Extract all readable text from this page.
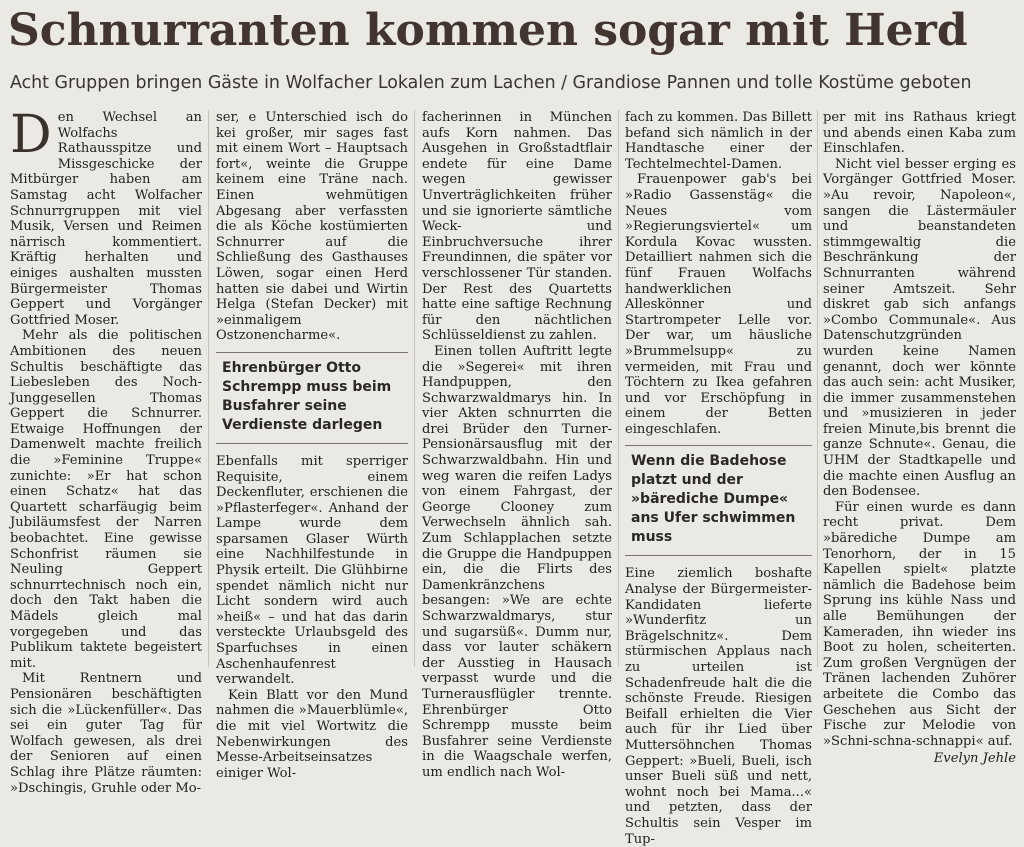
Schnurranten kommen sogar mit Herd
Acht Gruppen bringen Gäste in Wolfacher Lokalen zum Lachen / Grandiose Pannen und tolle Kostüme geboten

Den Wechsel an Wolfachs Rathausspitze und Missgeschicke der Mitbürger haben am Samstag acht Wolfacher Schnurrgruppen mit viel Musik, Versen und Reimen närrisch kommentiert. Kräftig herhalten und einiges aushalten mussten Bürgermeister Thomas Geppert und Vorgänger Gottfried Moser.

Mehr als die politischen Ambitionen des neuen Schultis beschäftigte das Liebesleben des Noch-Junggesellen Thomas Geppert die Schnurrer. Etwaige Hoffnungen der Damenwelt machte freilich die »Feminine Truppe« zunichte: »Er hat schon einen Schatz« hat das Quartett scharfäugig beim Jubiläumsfest der Narren beobachtet. Eine gewisse Schonfrist räumen sie Neuling Geppert schnurrtechnisch noch ein, doch den Takt haben die Mädels gleich mal vorgegeben und das Publikum taktete begeistert mit.

Mit Rentnern und Pensionären beschäftigten sich die »Lückenfüller«. Das sei ein guter Tag für Wolfach gewesen, als drei der Senioren auf einen Schlag ihre Plätze räumten: »Dschingis, Gruhle oder Mo-

ser, e Unterschied isch do kei großer, mir sages fast mit einem Wort – Hauptsach fort«, weinte die Gruppe keinem eine Träne nach. Einen wehmütigen Abgesang aber verfassten die als Köche kostümierten Schnurrer auf die Schließung des Gasthauses Löwen, sogar einen Herd hatten sie dabei und Wirtin Helga (Stefan Decker) mit »einmaligem Ostzonencharme«.

Ehrenbürger Otto Schrempp muss beim Busfahrer seine Verdienste darlegen

Ebenfalls mit sperriger Requisite, einem Deckenfluter, erschienen die »Pflasterfeger«. Anhand der Lampe wurde dem sparsamen Glaser Würth eine Nachhilfestunde in Physik erteilt. Die Glühbirne spendet nämlich nicht nur Licht sondern wird auch »heiß« – und hat das darin versteckte Urlaubsgeld des Sparfuchses in einen Aschenhaufenrest verwandelt.

Kein Blatt vor den Mund nahmen die »Mauerblümle«, die mit viel Wortwitz die Nebenwirkungen des Messe-Arbeitseinsatzes einiger Wol-

facherinnen in München aufs Korn nahmen. Das Ausgehen in Großstadtflair endete für eine Dame wegen gewisser Unverträglichkeiten früher und sie ignorierte sämtliche Weck- und Einbruchversuche ihrer Freundinnen, die später vor verschlossener Tür standen. Der Rest des Quartetts hatte eine saftige Rechnung für den nächtlichen Schlüsseldienst zu zahlen.

Einen tollen Auftritt legte die »Segerei« mit ihren Handpuppen, den Schwarzwaldmarys hin. In vier Akten schnurrten die drei Brüder den Turner-Pensionärsausflug mit der Schwarzwaldbahn. Hin und weg waren die reifen Ladys von einem Fahrgast, der George Clooney zum Verwechseln ähnlich sah. Zum Schlapplachen setzte die Gruppe die Handpuppen ein, die die Flirts des Damenkränzchens besangen: »We are echte Schwarzwaldmarys, stur und sugarsüß«. Dumm nur, dass vor lauter schäkern der Ausstieg in Hausach verpasst wurde und die Turnerausflügler trennte. Ehrenbürger Otto Schrempp musste beim Busfahrer seine Verdienste in die Waagschale werfen, um endlich nach Wol-

fach zu kommen. Das Billett befand sich nämlich in der Handtasche einer der Techtelmechtel-Damen.

Frauenpower gab's bei »Radio Gassenstäg« die Neues vom »Regierungsviertel« um Kordula Kovac wussten. Detailliert nahmen sich die fünf Frauen Wolfachs handwerklichen Alleskönner und Startrompeter Lelle vor. Der war, um häusliche »Brummelsupp« zu vermeiden, mit Frau und Töchtern zu Ikea gefahren und vor Erschöpfung in einem der Betten eingeschlafen.

Wenn die Badehose platzt und der »bärediche Dumpe« ans Ufer schwimmen muss

Eine ziemlich boshafte Analyse der Bürgermeister-Kandidaten lieferte »Wunderfitz un Brägelschnitz«. Dem stürmischen Applaus nach zu urteilen ist Schadenfreude halt die die schönste Freude. Riesigen Beifall erhielten die Vier auch für ihr Lied über Muttersöhnchen Thomas Geppert: »Bueli, Bueli, isch unser Bueli süß und nett, wohnt noch bei Mama...« und petzten, dass der Schultis sein Vesper im Tup-

per mit ins Rathaus kriegt und abends einen Kaba zum Einschlafen.

Nicht viel besser erging es Vorgänger Gottfried Moser. »Au revoir, Napoleon«, sangen die Lästermäuler und beanstandeten stimmgewaltig die Beschränkung der Schnurranten während seiner Amtszeit. Sehr diskret gab sich anfangs »Combo Communale«. Aus Datenschutzgründen wurden keine Namen genannt, doch wer könnte das auch sein: acht Musiker, die immer zusammenstehen und »musizieren in jeder freien Minute,bis brennt die ganze Schnute«. Genau, die UHM der Stadtkapelle und die machte einen Ausflug an den Bodensee.

Für einen wurde es dann recht privat. Dem »bärediche Dumpe am Tenorhorn, der in 15 Kapellen spielt« platzte nämlich die Badehose beim Sprung ins kühle Nass und alle Bemühungen der Kameraden, ihn wieder ins Boot zu holen, scheiterten. Zum großen Vergnügen der Tränen lachenden Zuhörer arbeitete die Combo das Geschehen aus Sicht der Fische zur Melodie von »Schni-schna-schnappi« auf.

Evelyn Jehle
